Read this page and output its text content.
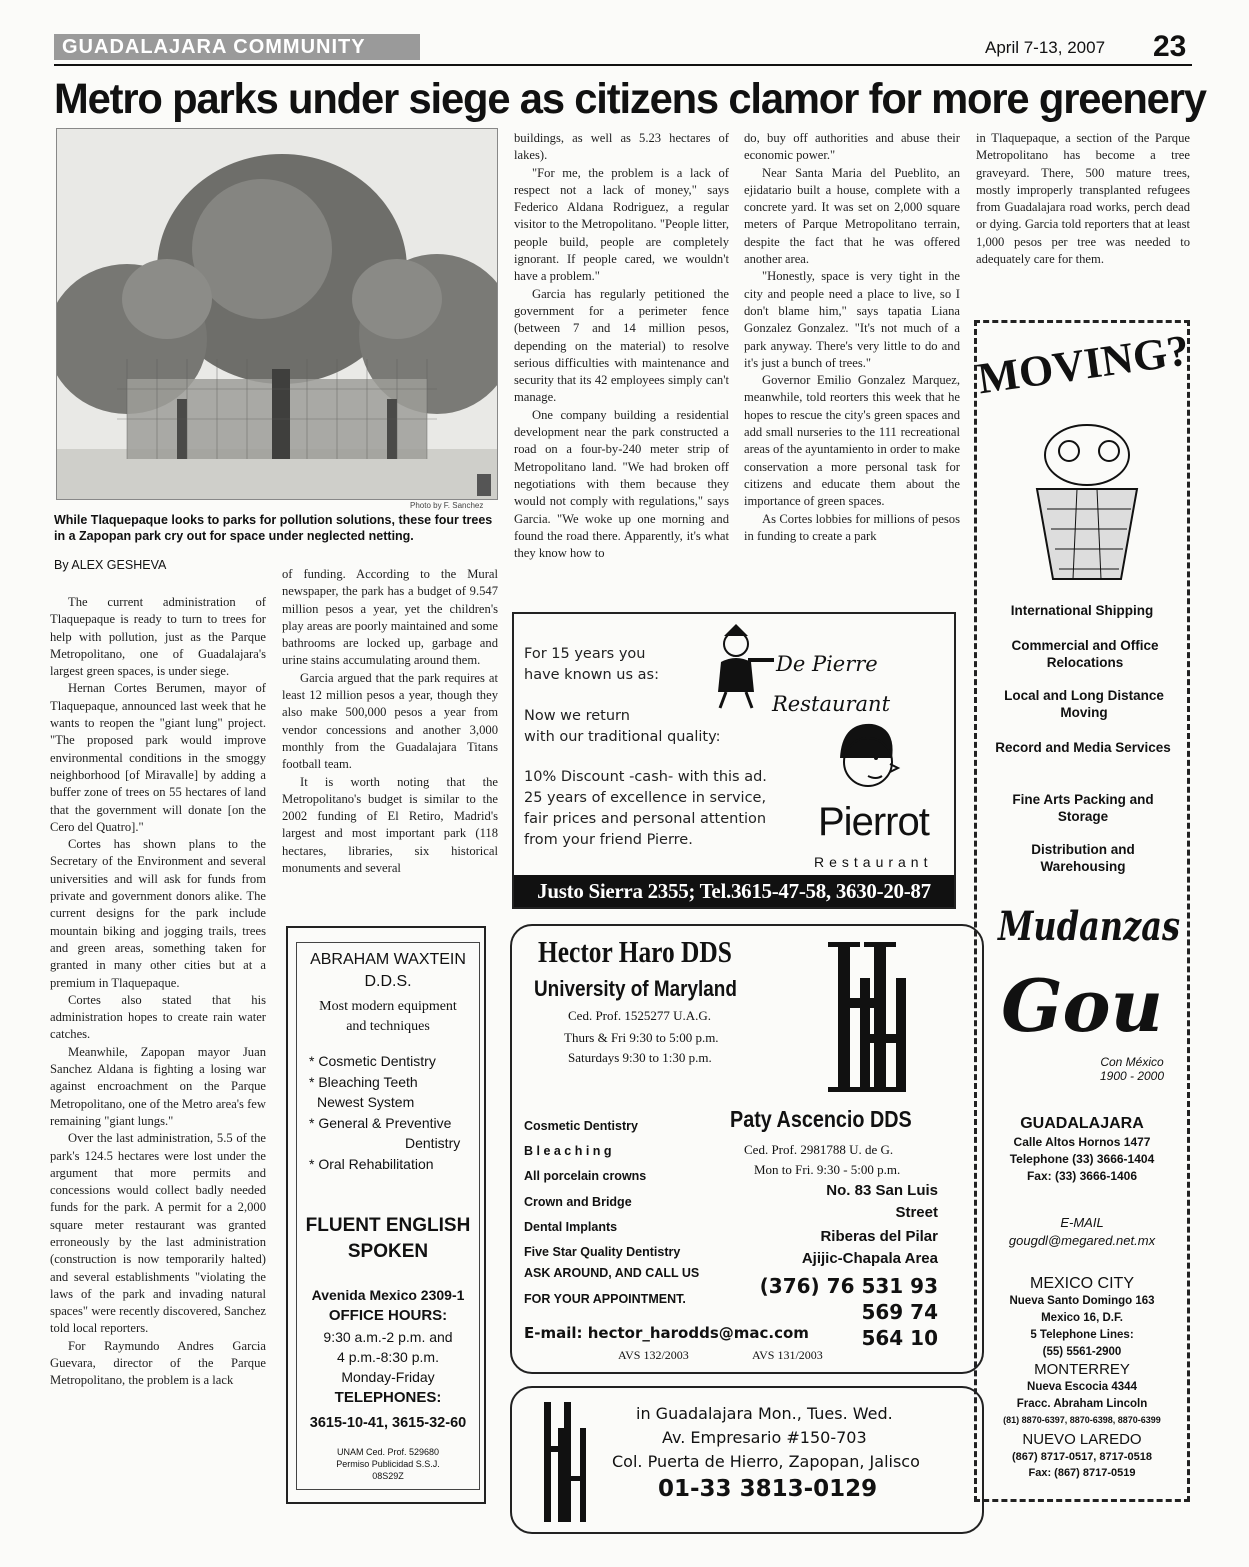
GUADALAJARA COMMUNITY	April 7-13, 2007 23
Metro parks under siege as citizens clamor for more greenery
Photo by F. Sanchez
While Tlaquepaque looks to parks for pollution solutions, these four trees in a Zapopan park cry out for space under neglected netting.
By ALEX GESHEVA

The current administration of Tlaquepaque is ready to turn to trees for help with pollution, just as the Parque Metropolitano, one of Guadalajara's largest green spaces, is under siege.

Hernan Cortes Berumen, mayor of Tlaquepaque, announced last week that he wants to reopen the "giant lung" project. "The proposed park would improve environmental conditions in the smoggy neighborhood [of Miravalle] by adding a buffer zone of trees on 55 hectares of land that the government will donate [on the Cero del Quatro]."

Cortes has shown plans to the Secretary of the Environment and several universities and will ask for funds from private and government donors alike. The current designs for the park include mountain biking and jogging trails, trees and green areas, something taken for granted in many other cities but at a premium in Tlaquepaque.

Cortes also stated that his administration hopes to create rain water catches.

Meanwhile, Zapopan mayor Juan Sanchez Aldana is fighting a losing war against encroachment on the Parque Metropolitano, one of the Metro area's few remaining "giant lungs."

Over the last administration, 5.5 of the park's 124.5 hectares were lost under the argument that more permits and concessions would collect badly needed funds for the park. A permit for a 2,000 square meter restaurant was granted erroneously by the last administration (construction is now temporarily halted) and several establishments "violating the laws of the park and invading natural spaces" were recently discovered, Sanchez told local reporters.

For Raymundo Andres Garcia Guevara, director of the Parque Metropolitano, the problem is a lack

of funding. According to the Mural newspaper, the park has a budget of 9.547 million pesos a year, yet the children's play areas are poorly maintained and some bathrooms are locked up, garbage and urine stains accumulating around them.

Garcia argued that the park requires at least 12 million pesos a year, though they also make 500,000 pesos a year from vendor concessions and another 3,000 monthly from the Guadalajara Titans football team.

It is worth noting that the Metropolitano's budget is similar to the 2002 funding of El Retiro, Madrid's largest and most important park (118 hectares, libraries, six historical monuments and several

buildings, as well as 5.23 hectares of lakes).

"For me, the problem is a lack of respect not a lack of money," says Federico Aldana Rodriguez, a regular visitor to the Metropolitano. "People litter, people build, people are completely ignorant. If people cared, we wouldn't have a problem."

Garcia has regularly petitioned the government for a perimeter fence (between 7 and 14 million pesos, depending on the material) to resolve serious difficulties with maintenance and security that its 42 employees simply can't manage.

One company building a residential development near the park constructed a road on a four-by-240 meter strip of Metropolitano land. "We had broken off negotiations with them because they would not comply with regulations," says Garcia. "We woke up one morning and found the road there. Apparently, it's what they know how to

do, buy off authorities and abuse their economic power."

Near Santa Maria del Pueblito, an ejidatario built a house, complete with a concrete yard. It was set on 2,000 square meters of Parque Metropolitano terrain, despite the fact that he was offered another area.

"Honestly, space is very tight in the city and people need a place to live, so I don't blame him," says tapatia Liana Gonzalez Gonzalez. "It's not much of a park anyway. There's very little to do and it's just a bunch of trees."

Governor Emilio Gonzalez Marquez, meanwhile, told reorters this week that he hopes to rescue the city's green spaces and add small nurseries to the 111 recreational areas of the ayuntamiento in order to make conservation a more personal task for citizens and educate them about the importance of green spaces.

As Cortes lobbies for millions of pesos in funding to create a park

in Tlaquepaque, a section of the Parque Metropolitano has become a tree graveyard. There, 500 mature trees, mostly improperly transplanted refugees from Guadalajara road works, perch dead or dying. Garcia told reporters that at least 1,000 pesos per tree was needed to adequately care for them.

For 15 years you
have known us as:	De Pierre
Restaurant
Now we return
with our traditional quality:
10% Discount -cash- with this ad.
25 years of excellence in service,
fair prices and personal attention
from your friend Pierre.	Pierrot
Restaurant
Justo Sierra 2355; Tel.3615-47-58, 3630-20-87
ABRAHAM WAXTEIN
D.D.S.
Most modern equipment
and techniques
* Cosmetic Dentistry
* Bleaching Teeth
Newest System
* General & Preventive
Dentistry
* Oral Rehabilitation
FLUENT ENGLISH
SPOKEN
Avenida Mexico 2309-1
OFFICE HOURS:
9:30 a.m.-2 p.m. and
4 p.m.-8:30 p.m.
Monday-Friday
TELEPHONES:
3615-10-41, 3615-32-60
UNAM Ced. Prof. 529680
Permiso Publicidad S.S.J.
08S29Z
Hector Haro DDS
University of Maryland
Ced. Prof. 1525277 U.A.G.
Thurs & Fri 9:30 to 5:00 p.m.
Saturdays 9:30 to 1:30 p.m.
Cosmetic Dentistry
B l e a c h i n g
All porcelain crowns
Crown and Bridge
Dental Implants
Five Star Quality Dentistry
ASK AROUND, AND CALL US
FOR YOUR APPOINTMENT.
E-mail: hector_harodds@mac.com
AVS 132/2003	AVS 131/2003
Paty Ascencio DDS
Ced. Prof. 2981788 U. de G.
Mon to Fri. 9:30 - 5:00 p.m.
No. 83 San Luis
Street
Riberas del Pilar
Ajijic-Chapala Area
(376) 76 531 93
569 74
564 10
in Guadalajara Mon., Tues. Wed.
Av. Empresario #150-703
Col. Puerta de Hierro, Zapopan, Jalisco
01-33 3813-0129
MOVING?
International Shipping
Commercial and Office Relocations
Local and Long Distance Moving
Record and Media Services
Fine Arts Packing and Storage
Distribution and Warehousing
Mudanzas
Gou
Con México
1900 - 2000
GUADALAJARA
Calle Altos Hornos 1477
Telephone (33) 3666-1404
Fax: (33) 3666-1406
E-MAIL
gougdl@megared.net.mx
MEXICO CITY
Nueva Santo Domingo 163
Mexico 16, D.F.
5 Telephone Lines:
(55) 5561-2900
MONTERREY
Nueva Escocia 4344
Fracc. Abraham Lincoln
(81) 8870-6397, 8870-6398, 8870-6399
NUEVO LAREDO
(867) 8717-0517, 8717-0518
Fax: (867) 8717-0519
